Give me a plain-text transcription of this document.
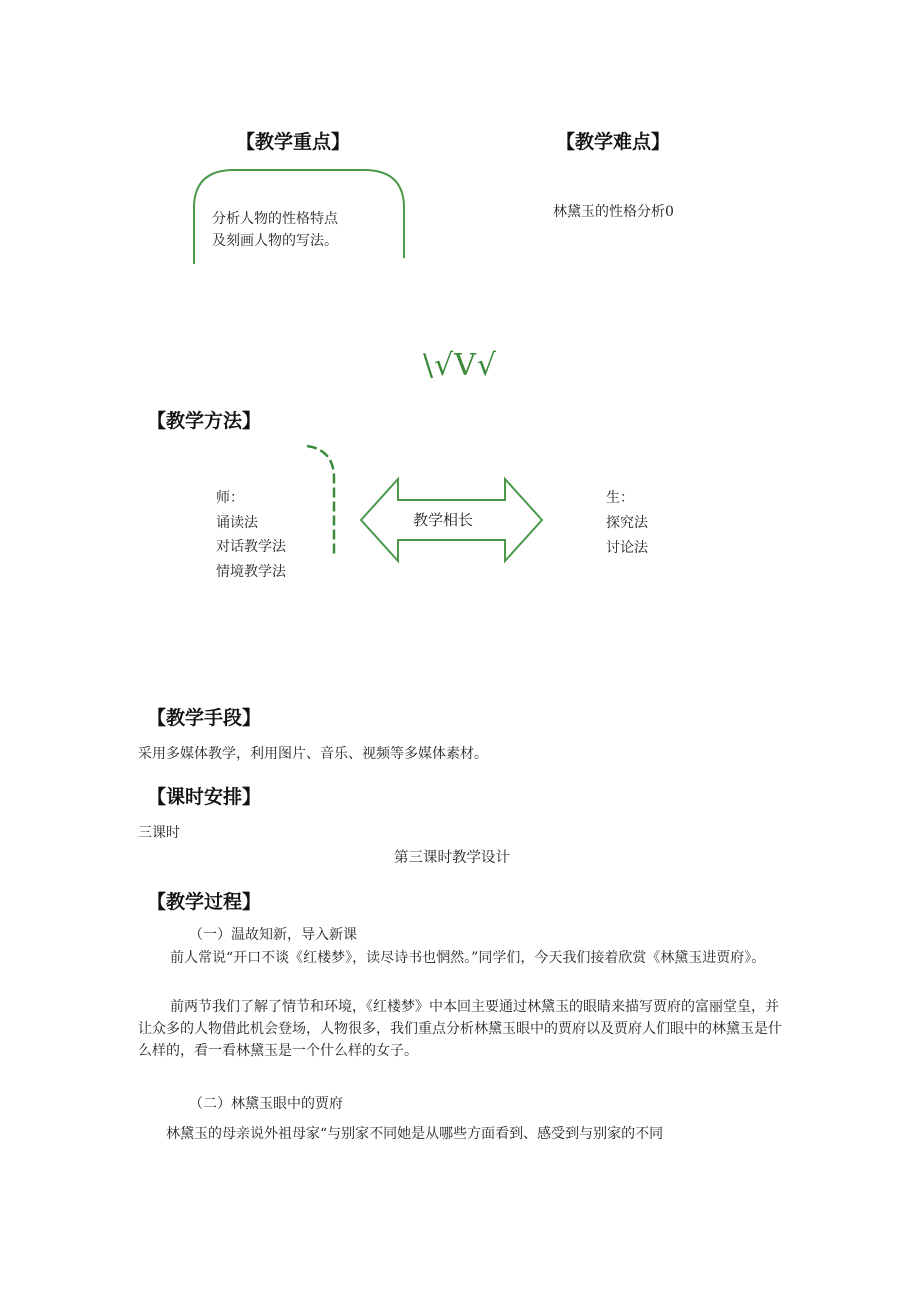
【教学重点】
分析人物的性格特点
及刻画人物的写法。
【教学难点】
林黛玉的性格分析0
\√V√
【教学方法】
师：
诵读法
对话教学法
情境教学法
教学相长
生：
探究法
讨论法
【教学手段】
采用多媒体教学，利用图片、音乐、视频等多媒体素材。
【课时安排】
三课时
第三课时教学设计
【教学过程】
（一）温故知新，导入新课
前人常说“开口不谈《红楼梦》，读尽诗书也惘然。”同学们，今天我们接着欣赏《林黛玉进贾府》。
前两节我们了解了情节和环境，《红楼梦》中本回主要通过林黛玉的眼睛来描写贾府的富丽堂皇，并让众多的人物借此机会登场，人物很多，我们重点分析林黛玉眼中的贾府以及贾府人们眼中的林黛玉是什么样的，看一看林黛玉是一个什么样的女子。
（二）林黛玉眼中的贾府
林黛玉的母亲说外祖母家“与别家不同她是从哪些方面看到、感受到与别家的不同
